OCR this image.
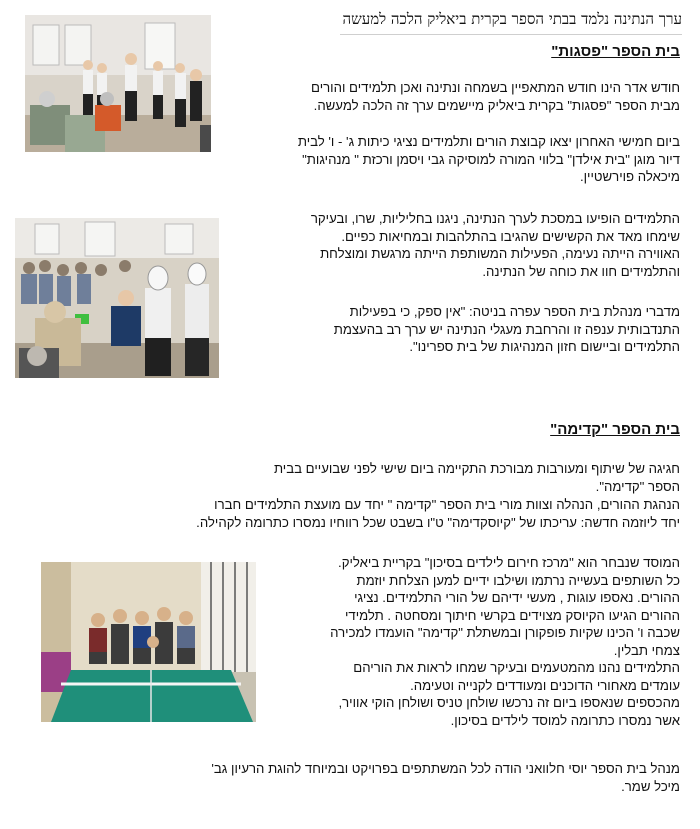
ערך הנתינה נלמד בבתי הספר בקרית ביאליק הלכה למעשה
בית הספר "פסגות"
חודש אדר הינו חודש המתאפיין בשמחה ונתינה ואכן תלמידים והורים
מבית הספר "פסגות" בקרית ביאליק מיישמים ערך זה הלכה למעשה.
ביום חמישי האחרון יצאו קבוצת הורים ותלמידים נציגי כיתות ג' - ו' לבית
דיור מוגן "בית אילדן" בלווי המורה למוסיקה גבי ויסמן ורכזת " מנהיגות"
מיכאלה פוירשטיין.
התלמידים הופיעו במסכת לערך הנתינה, ניגנו בחליליות, שרו, ובעיקר
שימחו מאד את הקשישים שהגיבו בהתלהבות ובמחיאות כפיים.
האווירה הייתה נעימה, הפעילות המשותפת הייתה מרגשת ומוצלחת
והתלמידים חוו את כוחה של הנתינה.
מדברי מנהלת בית הספר עפרה בניטה: "אין ספק, כי בפעילות
התנדבותית ענפה זו והרחבת מעגלי הנתינה יש ערך רב בהעצמת
התלמידים וביישום חזון המנהיגות של בית ספרינו".
בית הספר "קדימה"
חגיגה של שיתוף ומעורבות מבורכת התקיימה ביום שישי לפני שבועיים בבית
הספר "קדימה".
הנהגת ההורים, הנהלה וצוות מורי בית הספר "קדימה " יחד עם מועצת התלמידים חברו
יחד ליוזמה חדשה: עריכתו של "קיוסקדימה" ט"ו בשבט שכל רווחיו נמסרו כתרומה לקהילה.
המוסד שנבחר הוא "מרכז חירום לילדים בסיכון" בקריית ביאליק.
כל השותפים בעשייה נרתמו ושילבו ידיים למען הצלחת יוזמת
ההורים. נאספו עוגות , מעשי ידיהם של הורי התלמידים. נציגי
ההורים הגיעו הקיוסק מצוידים בקרשי חיתוך ומסחטה . תלמידי
שכבה ו' הכינו שקיות פופקורן ובמשתלת "קדימה" הועמדו למכירה
צמחי תבלין.
התלמידים נהנו מהמטעמים ובעיקר שמחו לראות את הוריהם
עומדים מאחורי הדוכנים ומעודדים לקנייה וטעימה.
מהכספים שנאספו ביום זה נרכשו שולחן טניס ושולחן הוקי אוויר,
אשר נמסרו כתרומה למוסד לילדים בסיכון.
מנהל בית הספר יוסי חלוואני הודה לכל המשתתפים בפרויקט ובמיוחד להוגת הרעיון גב'
מיכל שמר.
